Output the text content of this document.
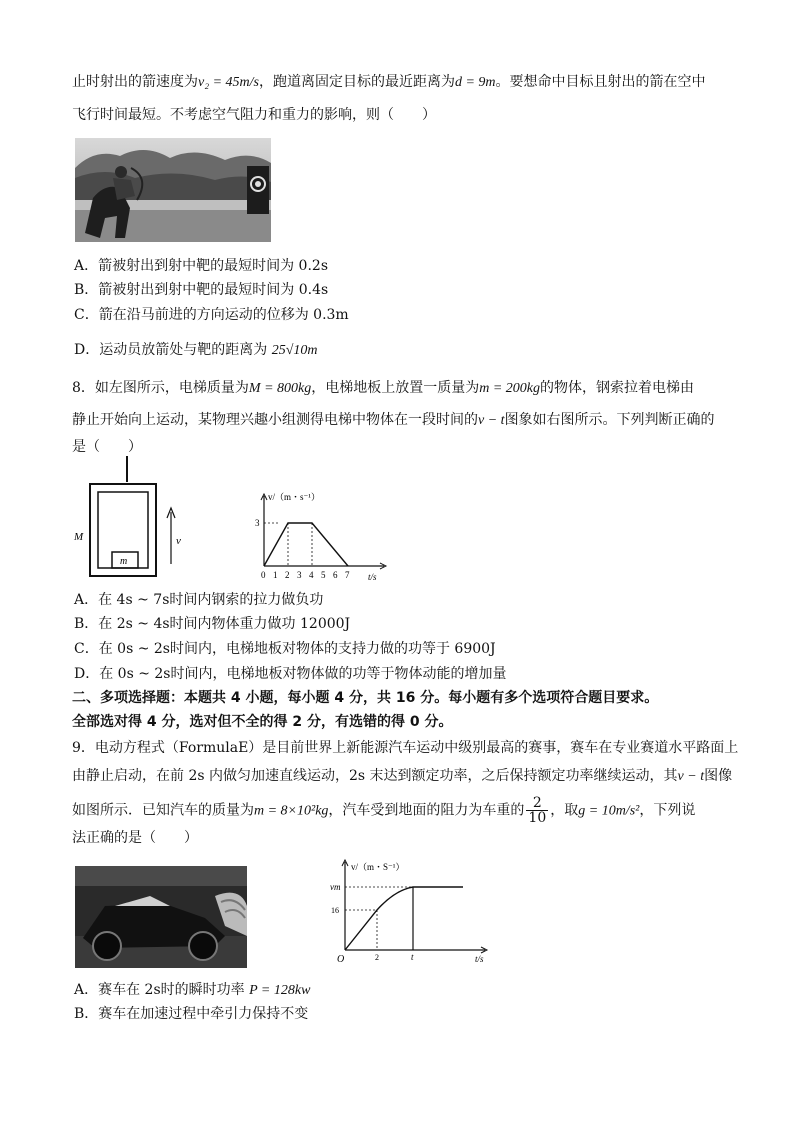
止时射出的箭速度为v₂ = 45m/s，跑道离固定目标的最近距离为d = 9m。要想命中目标且射出的箭在空中
飞行时间最短。不考虑空气阻力和重力的影响，则（　　）
A．箭被射出到射中靶的最短时间为 0.2s
B．箭被射出到射中靶的最短时间为 0.4s
C．箭在沿马前进的方向运动的位移为 0.3m
D．运动员放箭处与靶的距离为 25√10m
8．如左图所示，电梯质量为M = 800kg，电梯地板上放置一质量为m = 200kg的物体，钢索拉着电梯由
静止开始向上运动，某物理兴趣小组测得电梯中物体在一段时间的v − t图象如右图所示。下列判断正确的
是（　　）
m
M	v
v/（m・s⁻¹）
t/s
3
0 1 2 3 4 5 6 7
A．在 4s ~ 7s时间内钢索的拉力做负功
B．在 2s ~ 4s时间内物体重力做功 12000J
C．在 0s ~ 2s时间内，电梯地板对物体的支持力做的功等于 6900J
D．在 0s ~ 2s时间内，电梯地板对物体做的功等于物体动能的增加量
二、多项选择题：本题共 4 小题，每小题 4 分，共 16 分。每小题有多个选项符合题目要求。
全部选对得 4 分，选对但不全的得 2 分，有选错的得 0 分。
9．电动方程式（FormulaE）是目前世界上新能源汽车运动中级别最高的赛事，赛车在专业赛道水平路面上
由静止启动，在前 2s 内做匀加速直线运动，2s 末达到额定功率，之后保持额定功率继续运动，其v − t图像
如图所示．已知汽车的质量为m = 8×10²kg，汽车受到地面的阻力为车重的 $\frac{2}{10}$ ，取g = 10m/s²，下列说
法正确的是（　　）
v/（m・S⁻¹）
t/s
vm
16
O	2	t
A．赛车在 2s时的瞬时功率 P = 128kw
B．赛车在加速过程中牵引力保持不变
